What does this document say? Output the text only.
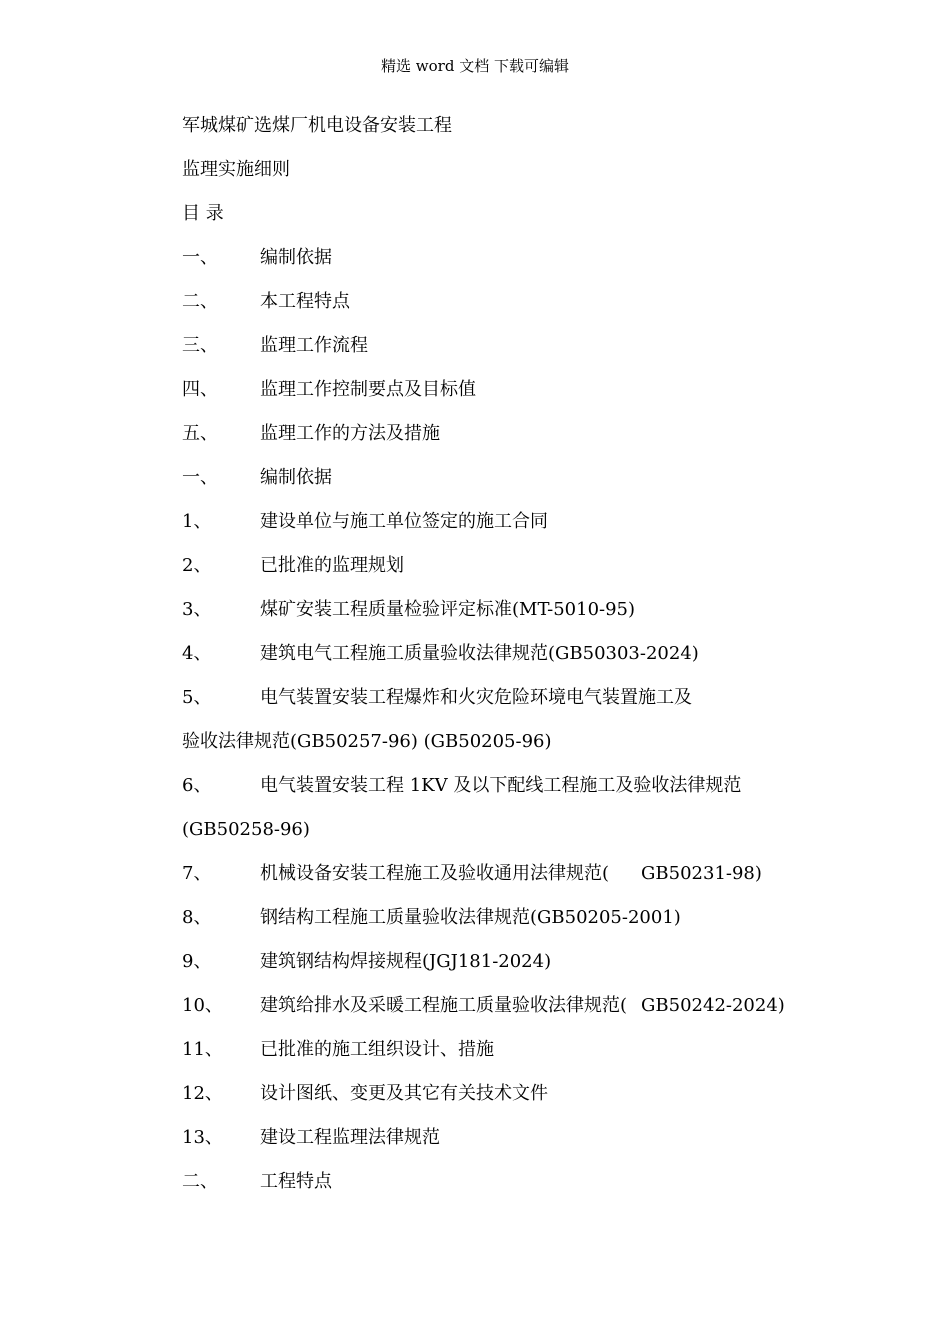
精选 word 文档 下载可编辑
军城煤矿选煤厂机电设备安装工程
监理实施细则
目 录
一、 编制依据
二、 本工程特点
三、 监理工作流程
四、 监理工作控制要点及目标值
五、 监理工作的方法及措施
一、 编制依据
1、	建设单位与施工单位签定的施工合同
2、	已批准的监理规划
3、	煤矿安装工程质量检验评定标准(MT-5010-95)
4、	建筑电气工程施工质量验收法律规范(GB50303-2024)
5、	电气装置安装工程爆炸和火灾危险环境电气装置施工及
验收法律规范(GB50257-96) (GB50205-96)
6、	电气装置安装工程 1KV 及以下配线工程施工及验收法律规范
(GB50258-96)
7、	机械设备安装工程施工及验收通用法律规范( GB50231-98)
8、	钢结构工程施工质量验收法律规范(GB50205-2001)
9、	建筑钢结构焊接规程(JGJ181-2024)
10、 建筑给排水及采暖工程施工质量验收法律规范( GB50242-2024)
11、 已批准的施工组织设计、措施
12、 设计图纸、变更及其它有关技术文件
13、 建设工程监理法律规范
二、 工程特点
